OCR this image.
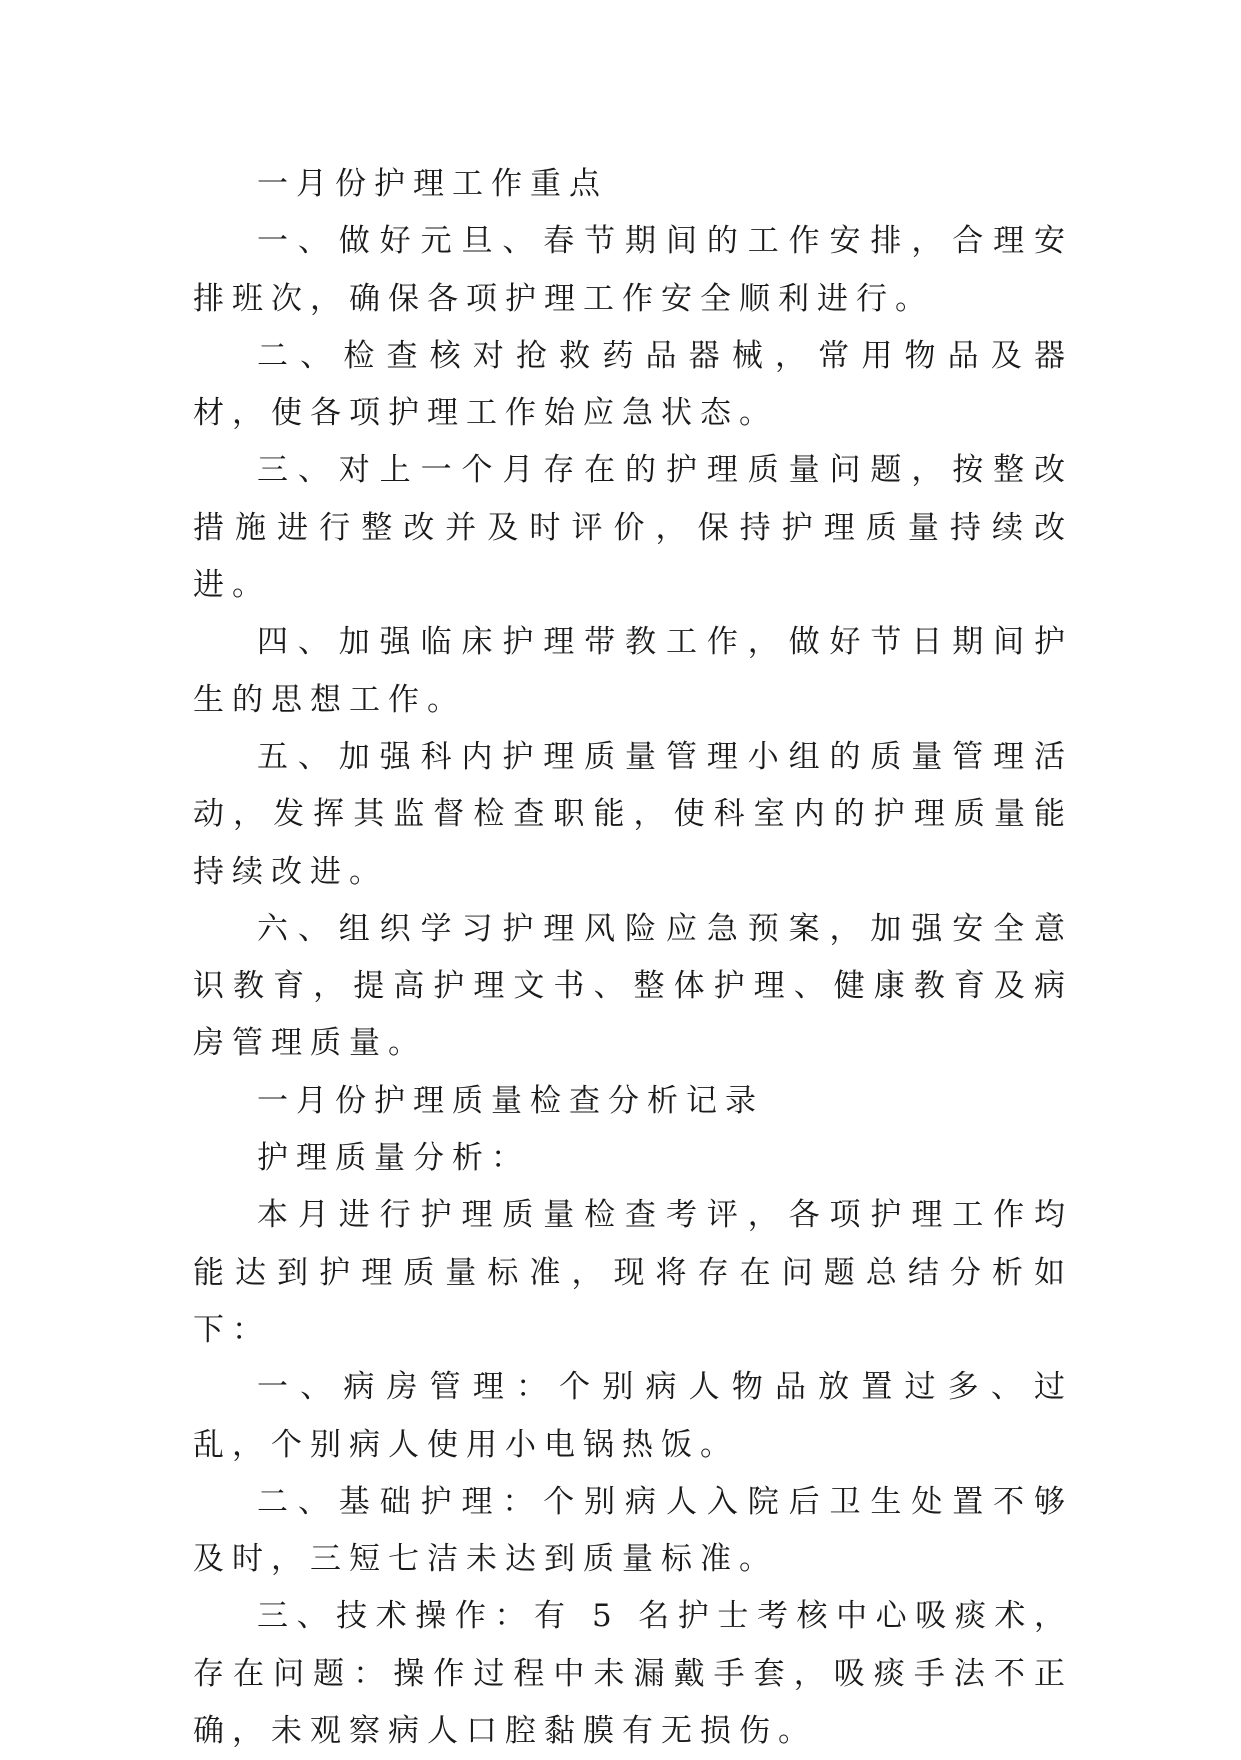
一月份护理工作重点

一、做好元旦、春节期间的工作安排，合理安排班次，确保各项护理工作安全顺利进行。

二、检查核对抢救药品器械，常用物品及器材，使各项护理工作始应急状态。

三、对上一个月存在的护理质量问题，按整改措施进行整改并及时评价，保持护理质量持续改进。

四、加强临床护理带教工作，做好节日期间护生的思想工作。

五、加强科内护理质量管理小组的质量管理活动，发挥其监督检查职能，使科室内的护理质量能持续改进。

六、组织学习护理风险应急预案，加强安全意识教育，提高护理文书、整体护理、健康教育及病房管理质量。

一月份护理质量检查分析记录

护理质量分析：

本月进行护理质量检查考评，各项护理工作均能达到护理质量标准，现将存在问题总结分析如下：

一、病房管理：个别病人物品放置过多、过乱，个别病人使用小电锅热饭。

二、基础护理：个别病人入院后卫生处置不够及时，三短七洁未达到质量标准。

三、技术操作：有 5 名护士考核中心吸痰术，存在问题：操作过程中未漏戴手套，吸痰手法不正确，未观察病人口腔黏膜有无损伤。
